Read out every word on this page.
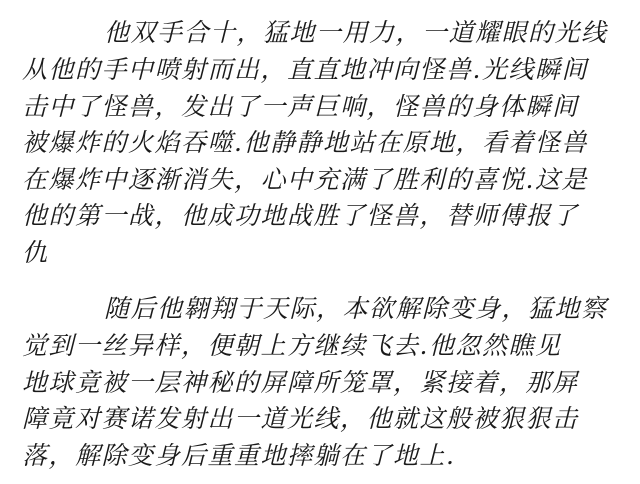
他双手合十，猛地一用力，一道耀眼的光线
从他的手中喷射而出，直直地冲向怪兽.光线瞬间
击中了怪兽，发出了一声巨响，怪兽的身体瞬间
被爆炸的火焰吞噬.他静静地站在原地，看着怪兽
在爆炸中逐渐消失，心中充满了胜利的喜悦.这是
他的第一战，他成功地战胜了怪兽，替师傅报了
仇
随后他翱翔于天际，本欲解除变身，猛地察
觉到一丝异样，便朝上方继续飞去.他忽然瞧见
地球竟被一层神秘的屏障所笼罩，紧接着，那屏
障竟对赛诺发射出一道光线，他就这般被狠狠击
落，解除变身后重重地摔躺在了地上.
